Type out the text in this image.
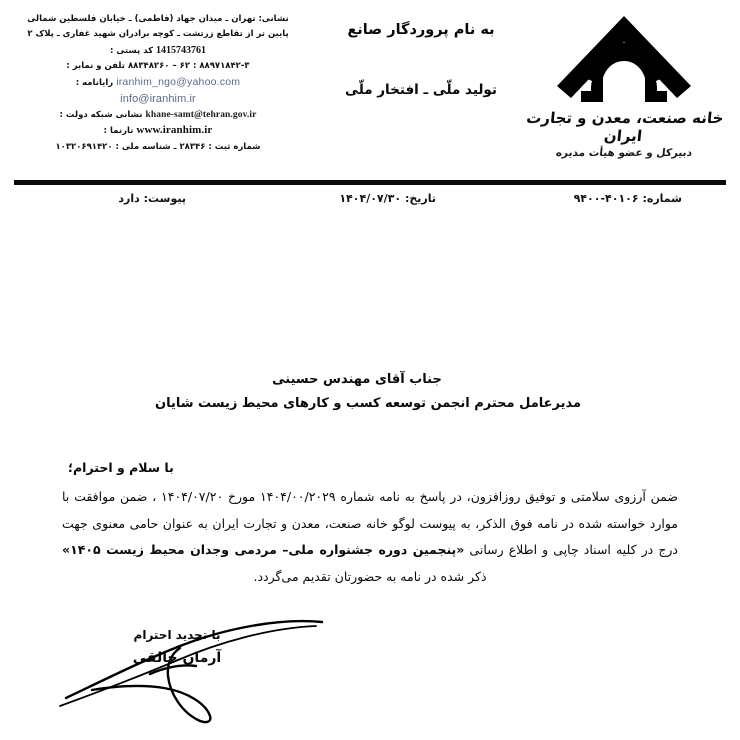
نشانی: تهران ـ میدان جهاد (فاطمی) ـ خیابان فلسطین شمالی
پایین تر از تقاطع زرتشت ـ کوچه برادران شهید غفاری ـ پلاک ۲
1415743761 کد پستی :
۸۸۹۷۱۸۴۲-۳ : ۶۲ – ۸۸۳۴۸۲۶۰ تلفن و نمابر :
iranhim_ngo@yahoo.com رایانامه :
info@iranhim.ir
khane-samt@tehran.gov.ir نشانی شبکه دولت :
www.iranhim.ir تارنما :
شماره ثبت : ۲۸۳۴۶ ـ شناسه ملی : ۱۰۳۲۰۶۹۱۴۲۰
به نام پروردگار صانع
تولید ملّی ـ افتخار ملّی
خانه صنعت، معدن و تجارت ایران
دبیرکل و عضو هیأت مدیره
شماره: ۴۰۱۰۶-۹۴۰۰
تاریخ: ۱۴۰۴/۰۷/۳۰
پیوست: دارد
جناب آقای مهندس حسینی
مدیرعامل محترم انجمن توسعه کسب و کارهای محیط زیست شایان
با سلام و احترام؛

ضمن آرزوی سلامتی و توفیق روزافزون، در پاسخ به نامه شماره ۱۴۰۴/۰۰/۲۰۲۹ مورخ ۱۴۰۴/۰۷/۲۰ ، ضمن موافقت با موارد خواسته شده در نامه فوق الذکر، به پیوست لوگو خانه صنعت، معدن و تجارت ایران به عنوان حامی معنوی جهت درج در کلیه اسناد چاپی و اطلاع رسانی «پنجمین دوره جشنواره ملی– مردمی وجدان محیط زیست ۱۴۰۵» ذکر شده در نامه به حضورتان تقدیم می‌گردد.

با تجدید احترام
آرمان خالقی
